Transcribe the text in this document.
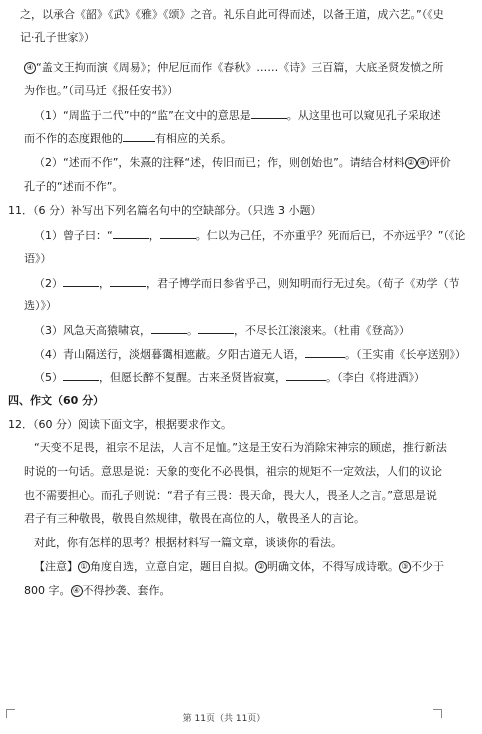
之，以承合《韶》《武》《雅》《颂》之音。礼乐自此可得而述，以备王道，成六艺。”（《史
记·孔子世家》）
④ “盖文王拘而演《周易》；仲尼厄而作《春秋》……《诗》三百篇，大底圣贤发愤之所
为作也。”（司马迁《报任安书》）
（1）“周监于二代”中的“监”在文中的意思是	。从这里也可以窥见孔子采取述
而不作的态度跟他的	有相应的关系。
（2）“述而不作”，朱熹的注释“述，传旧而已；作，则创始也”。请结合材料 ② ④ 评价
孔子的“述而不作”。
11．（6 分）补写出下列名篇名句中的空缺部分。（只选 3 小题）
（1）曾子曰：“	，	。仁以为己任，不亦重乎？死而后已，不亦远乎？”（《论
语》）
（2）	，	，君子博学而日参省乎己，则知明而行无过矣。（荀子《劝学（节
选）》）
（3）风急天高猿啸哀，	。	，不尽长江滚滚来。（杜甫《登高》）
（4）青山隔送行，淡烟暮霭相遮蔽。夕阳古道无人语，	。（王实甫《长亭送别》）
（5）	，但愿长醉不复醒。古来圣贤皆寂寞，	。（李白《将进酒》）
四、作文（60 分）
12．（60 分）阅读下面文字，根据要求作文。
“天变不足畏，祖宗不足法，人言不足恤。”这是王安石为消除宋神宗的顾虑，推行新法
时说的一句话。意思是说：天象的变化不必畏惧，祖宗的规矩不一定效法，人们的议论
也不需要担心。而孔子则说：“君子有三畏：畏天命，畏大人，畏圣人之言。”意思是说
君子有三种敬畏，敬畏自然规律，敬畏在高位的人，敬畏圣人的言论。
对此，你有怎样的思考？根据材料写一篇文章，谈谈你的看法。
【注意】 ① 角度自选，立意自定，题目自拟。 ② 明确文体，不得写成诗歌。 ③ 不少于
800 字。 ④ 不得抄袭、套作。
第 11页（共 11页）
